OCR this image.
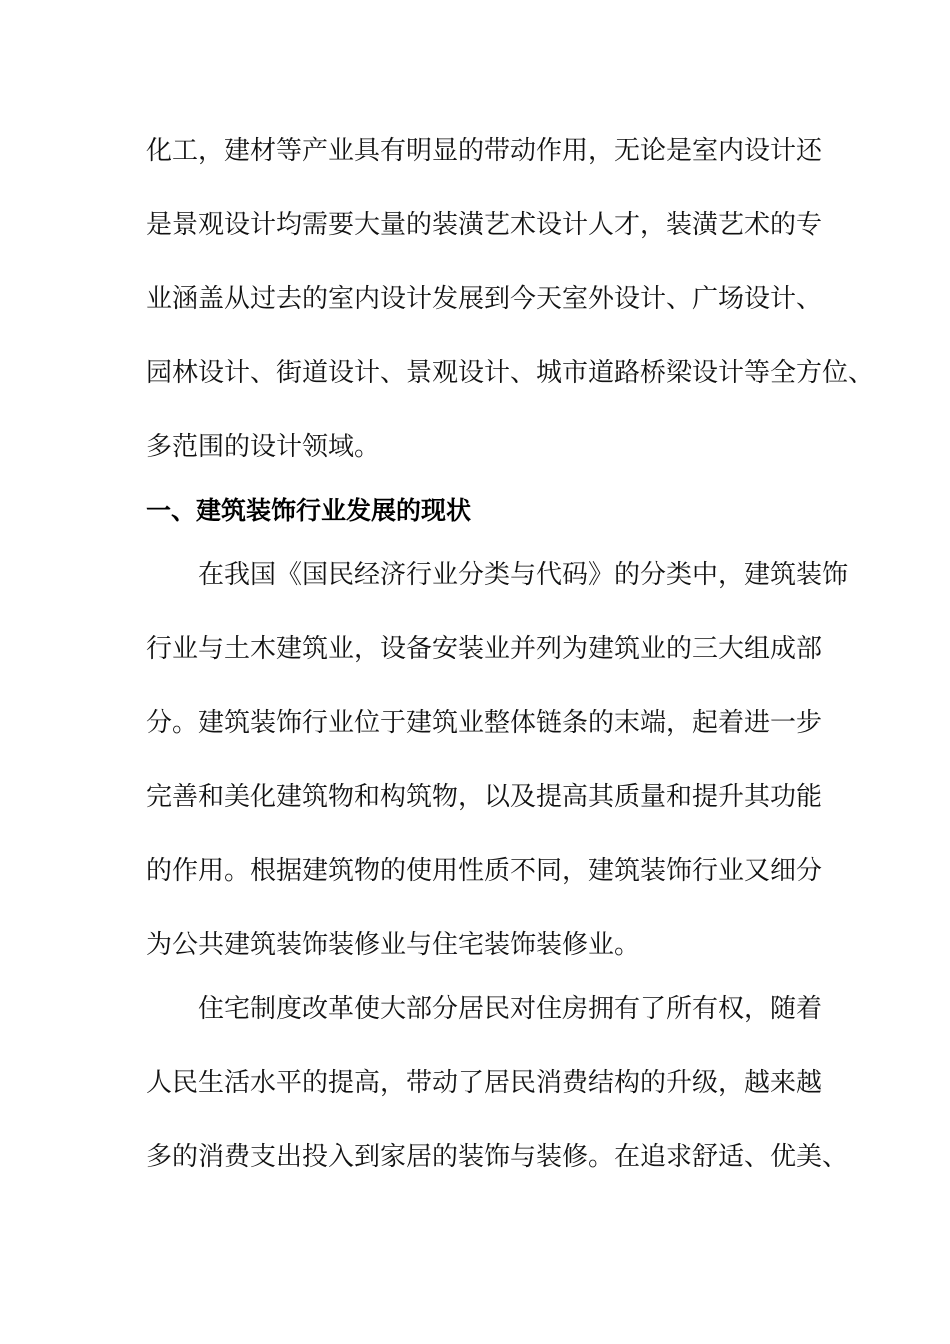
化工，建材等产业具有明显的带动作用，无论是室内设计还
是景观设计均需要大量的装潢艺术设计人才，装潢艺术的专
业涵盖从过去的室内设计发展到今天室外设计、广场设计、
园林设计、街道设计、景观设计、城市道路桥梁设计等全方位、
多范围的设计领域。
一、建筑装饰行业发展的现状
在我国《国民经济行业分类与代码》的分类中，建筑装饰
行业与土木建筑业，设备安装业并列为建筑业的三大组成部
分。建筑装饰行业位于建筑业整体链条的末端，起着进一步
完善和美化建筑物和构筑物，以及提高其质量和提升其功能
的作用。根据建筑物的使用性质不同，建筑装饰行业又细分
为公共建筑装饰装修业与住宅装饰装修业。
住宅制度改革使大部分居民对住房拥有了所有权，随着
人民生活水平的提高，带动了居民消费结构的升级，越来越
多的消费支出投入到家居的装饰与装修。在追求舒适、优美、
